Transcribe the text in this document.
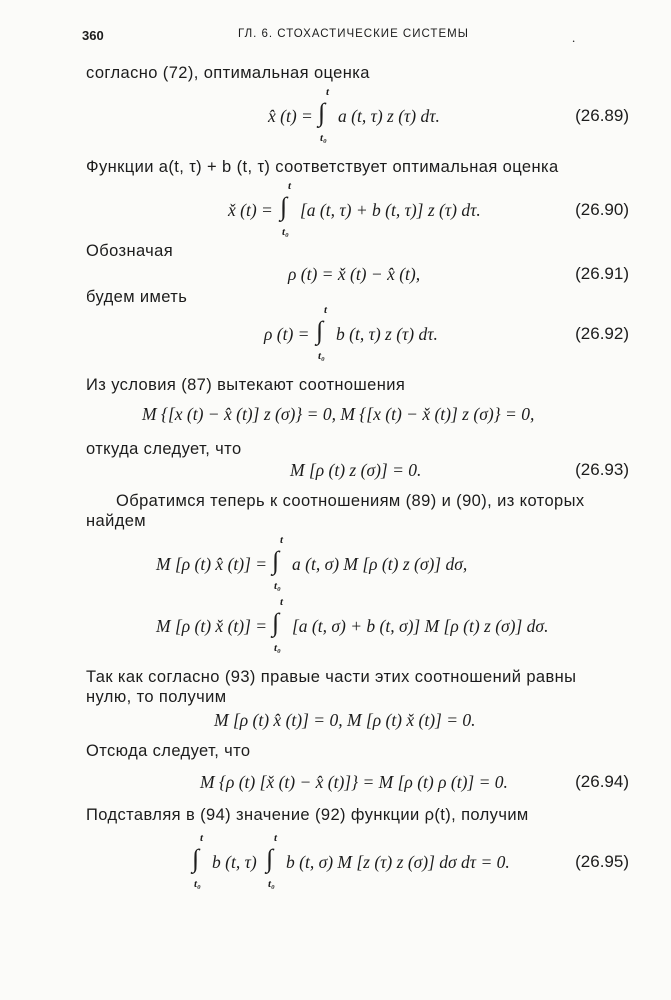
360	ГЛ. 6. СТОХАСТИЧЕСКИЕ СИСТЕМЫ	.
согласно (72), оптимальная оценка
x̂ (t) =
t
∫
t₀
a (t, τ) z (τ) dτ.	(26.89)
Функции a(t, τ) + b (t, τ) соответствует оптимальная оценка
x̌ (t) =
t
∫
t₀
[a (t, τ) + b (t, τ)] z (τ) dτ.	(26.90)
Обозначая
ρ (t) = x̌ (t) − x̂ (t),	(26.91)
будем иметь
ρ (t) =
t
∫
t₀
b (t, τ) z (τ) dτ.	(26.92)
Из условия (87) вытекают соотношения
M {[x (t) − x̂ (t)] z (σ)} = 0, M {[x (t) − x̌ (t)] z (σ)} = 0,
откуда следует, что
M [ρ (t) z (σ)] = 0.	(26.93)
Обратимся теперь к соотношениям (89) и (90), из которых
найдем
M [ρ (t) x̂ (t)] =
t
∫
t₀
a (t, σ) M [ρ (t) z (σ)] dσ,
M [ρ (t) x̌ (t)] =
t
∫
t₀
[a (t, σ) + b (t, σ)] M [ρ (t) z (σ)] dσ.
Так как согласно (93) правые части этих соотношений равны
нулю, то получим
M [ρ (t) x̂ (t)] = 0, M [ρ (t) x̌ (t)] = 0.
Отсюда следует, что
M {ρ (t) [x̌ (t) − x̂ (t)]} = M [ρ (t) ρ (t)] = 0.	(26.94)
Подставляя в (94) значение (92) функции ρ(t), получим
t
∫
t₀
b (t, τ)
t
∫
t₀
b (t, σ) M [z (τ) z (σ)] dσ dτ = 0.	(26.95)
